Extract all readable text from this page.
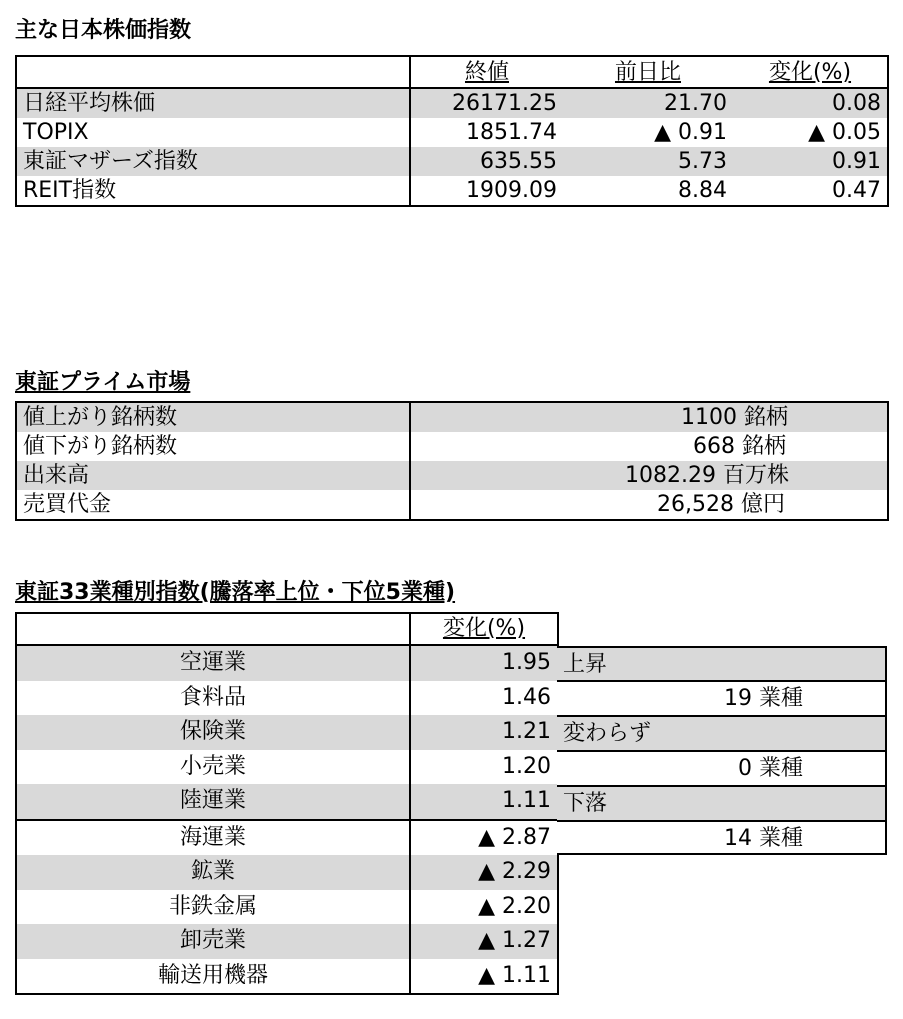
主な日本株価指数
	終値	前日比	変化(%)
日経平均株価	26171.25	21.70	0.08
TOPIX	1851.74	▲ 0.91	▲ 0.05
東証マザーズ指数	635.55	5.73	0.91
REIT指数	1909.09	8.84	0.47
東証プライム市場
値上がり銘柄数	1100 銘柄
値下がり銘柄数	668 銘柄
出来高	1082.29 百万株
売買代金	26,528 億円
東証33業種別指数(騰落率上位・下位5業種)
	変化(%)
空運業	1.95
食料品	1.46
保険業	1.21
小売業	1.20
陸運業	1.11
海運業	▲ 2.87
鉱業	▲ 2.29
非鉄金属	▲ 2.20
卸売業	▲ 1.27
輸送用機器	▲ 1.11
上昇
19 業種
変わらず
0 業種
下落
14 業種
